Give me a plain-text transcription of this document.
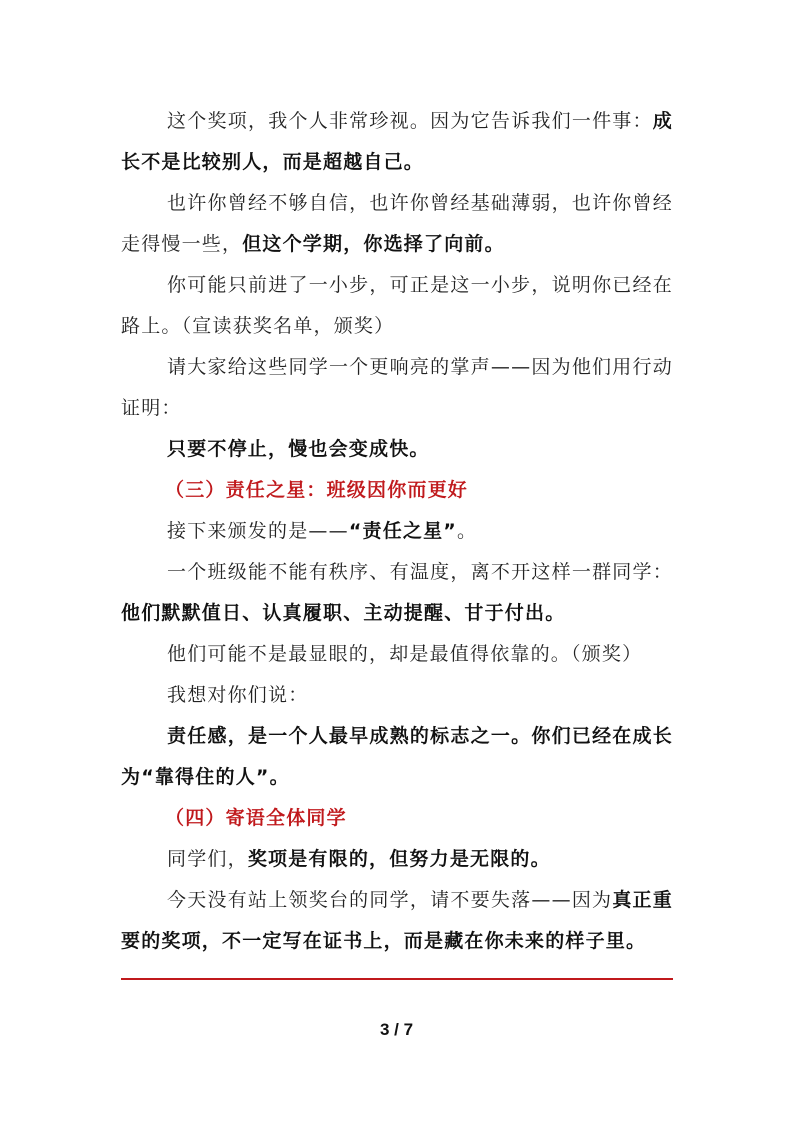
这个奖项，我个人非常珍视。因为它告诉我们一件事：成长不是比较别人，而是超越自己。

也许你曾经不够自信，也许你曾经基础薄弱，也许你曾经走得慢一些，但这个学期，你选择了向前。

你可能只前进了一小步，可正是这一小步，说明你已经在路上。（宣读获奖名单，颁奖）

请大家给这些同学一个更响亮的掌声——因为他们用行动证明：

只要不停止，慢也会变成快。

（三）责任之星：班级因你而更好

接下来颁发的是——“责任之星”。

一个班级能不能有秩序、有温度，离不开这样一群同学：他们默默值日、认真履职、主动提醒、甘于付出。

他们可能不是最显眼的，却是最值得依靠的。（颁奖）

我想对你们说：

责任感，是一个人最早成熟的标志之一。你们已经在成长为“靠得住的人”。

（四）寄语全体同学

同学们，奖项是有限的，但努力是无限的。

今天没有站上领奖台的同学，请不要失落——因为真正重要的奖项，不一定写在证书上，而是藏在你未来的样子里。

3 / 7
